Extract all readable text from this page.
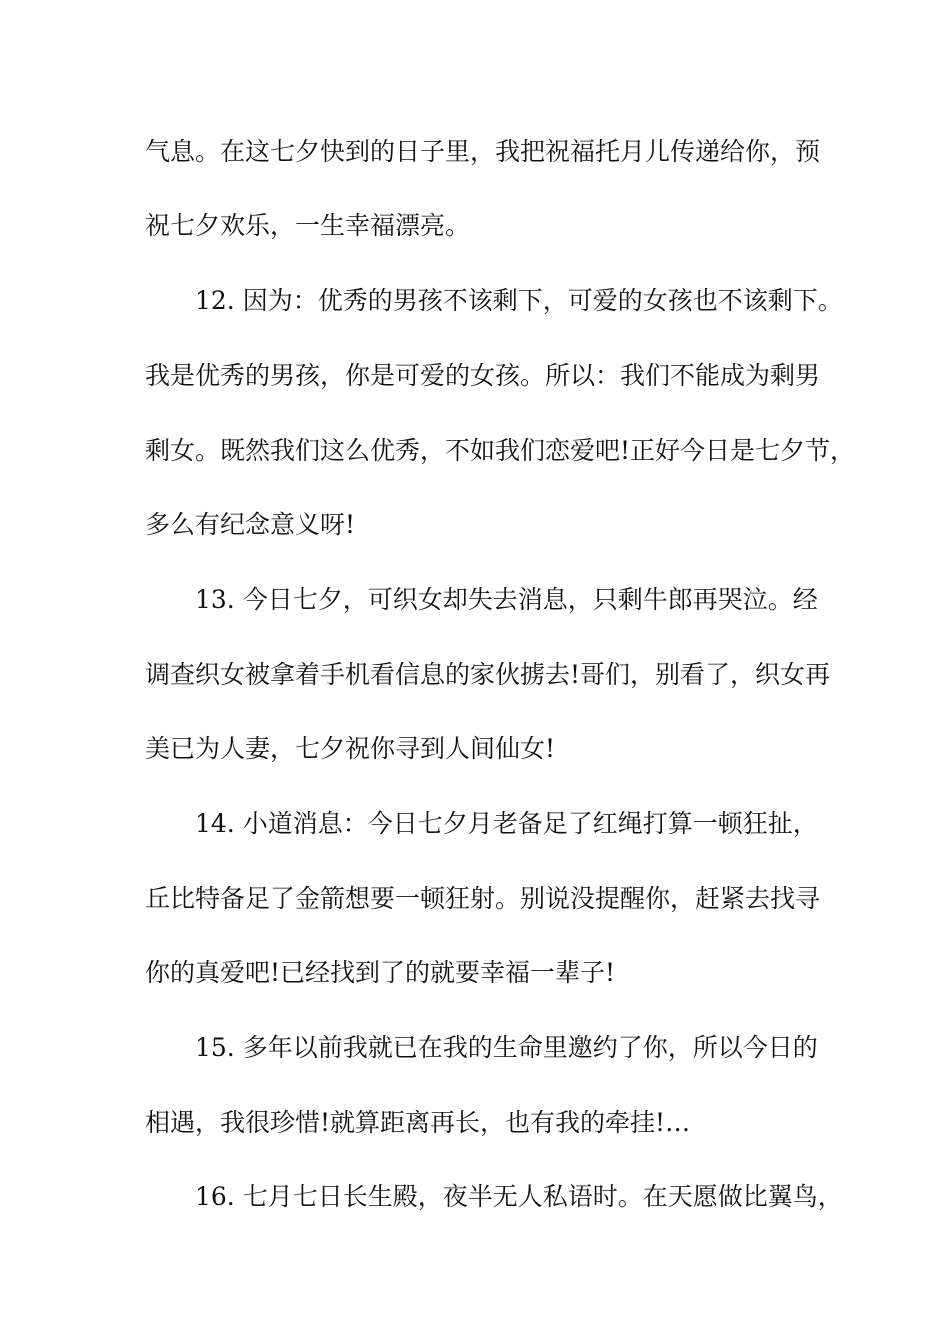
气息。在这七夕快到的日子里，我把祝福托月儿传递给你，预
祝七夕欢乐，一生幸福漂亮。
12. 因为：优秀的男孩不该剩下，可爱的女孩也不该剩下。
我是优秀的男孩，你是可爱的女孩。所以：我们不能成为剩男
剩女。既然我们这么优秀，不如我们恋爱吧!正好今日是七夕节，
多么有纪念意义呀!
13. 今日七夕，可织女却失去消息，只剩牛郎再哭泣。经
调查织女被拿着手机看信息的家伙掳去!哥们，别看了，织女再
美已为人妻，七夕祝你寻到人间仙女!
14. 小道消息：今日七夕月老备足了红绳打算一顿狂扯，
丘比特备足了金箭想要一顿狂射。别说没提醒你，赶紧去找寻
你的真爱吧!已经找到了的就要幸福一辈子!
15. 多年以前我就已在我的生命里邀约了你，所以今日的
相遇，我很珍惜!就算距离再长，也有我的牵挂!…
16. 七月七日长生殿，夜半无人私语时。在天愿做比翼鸟，
